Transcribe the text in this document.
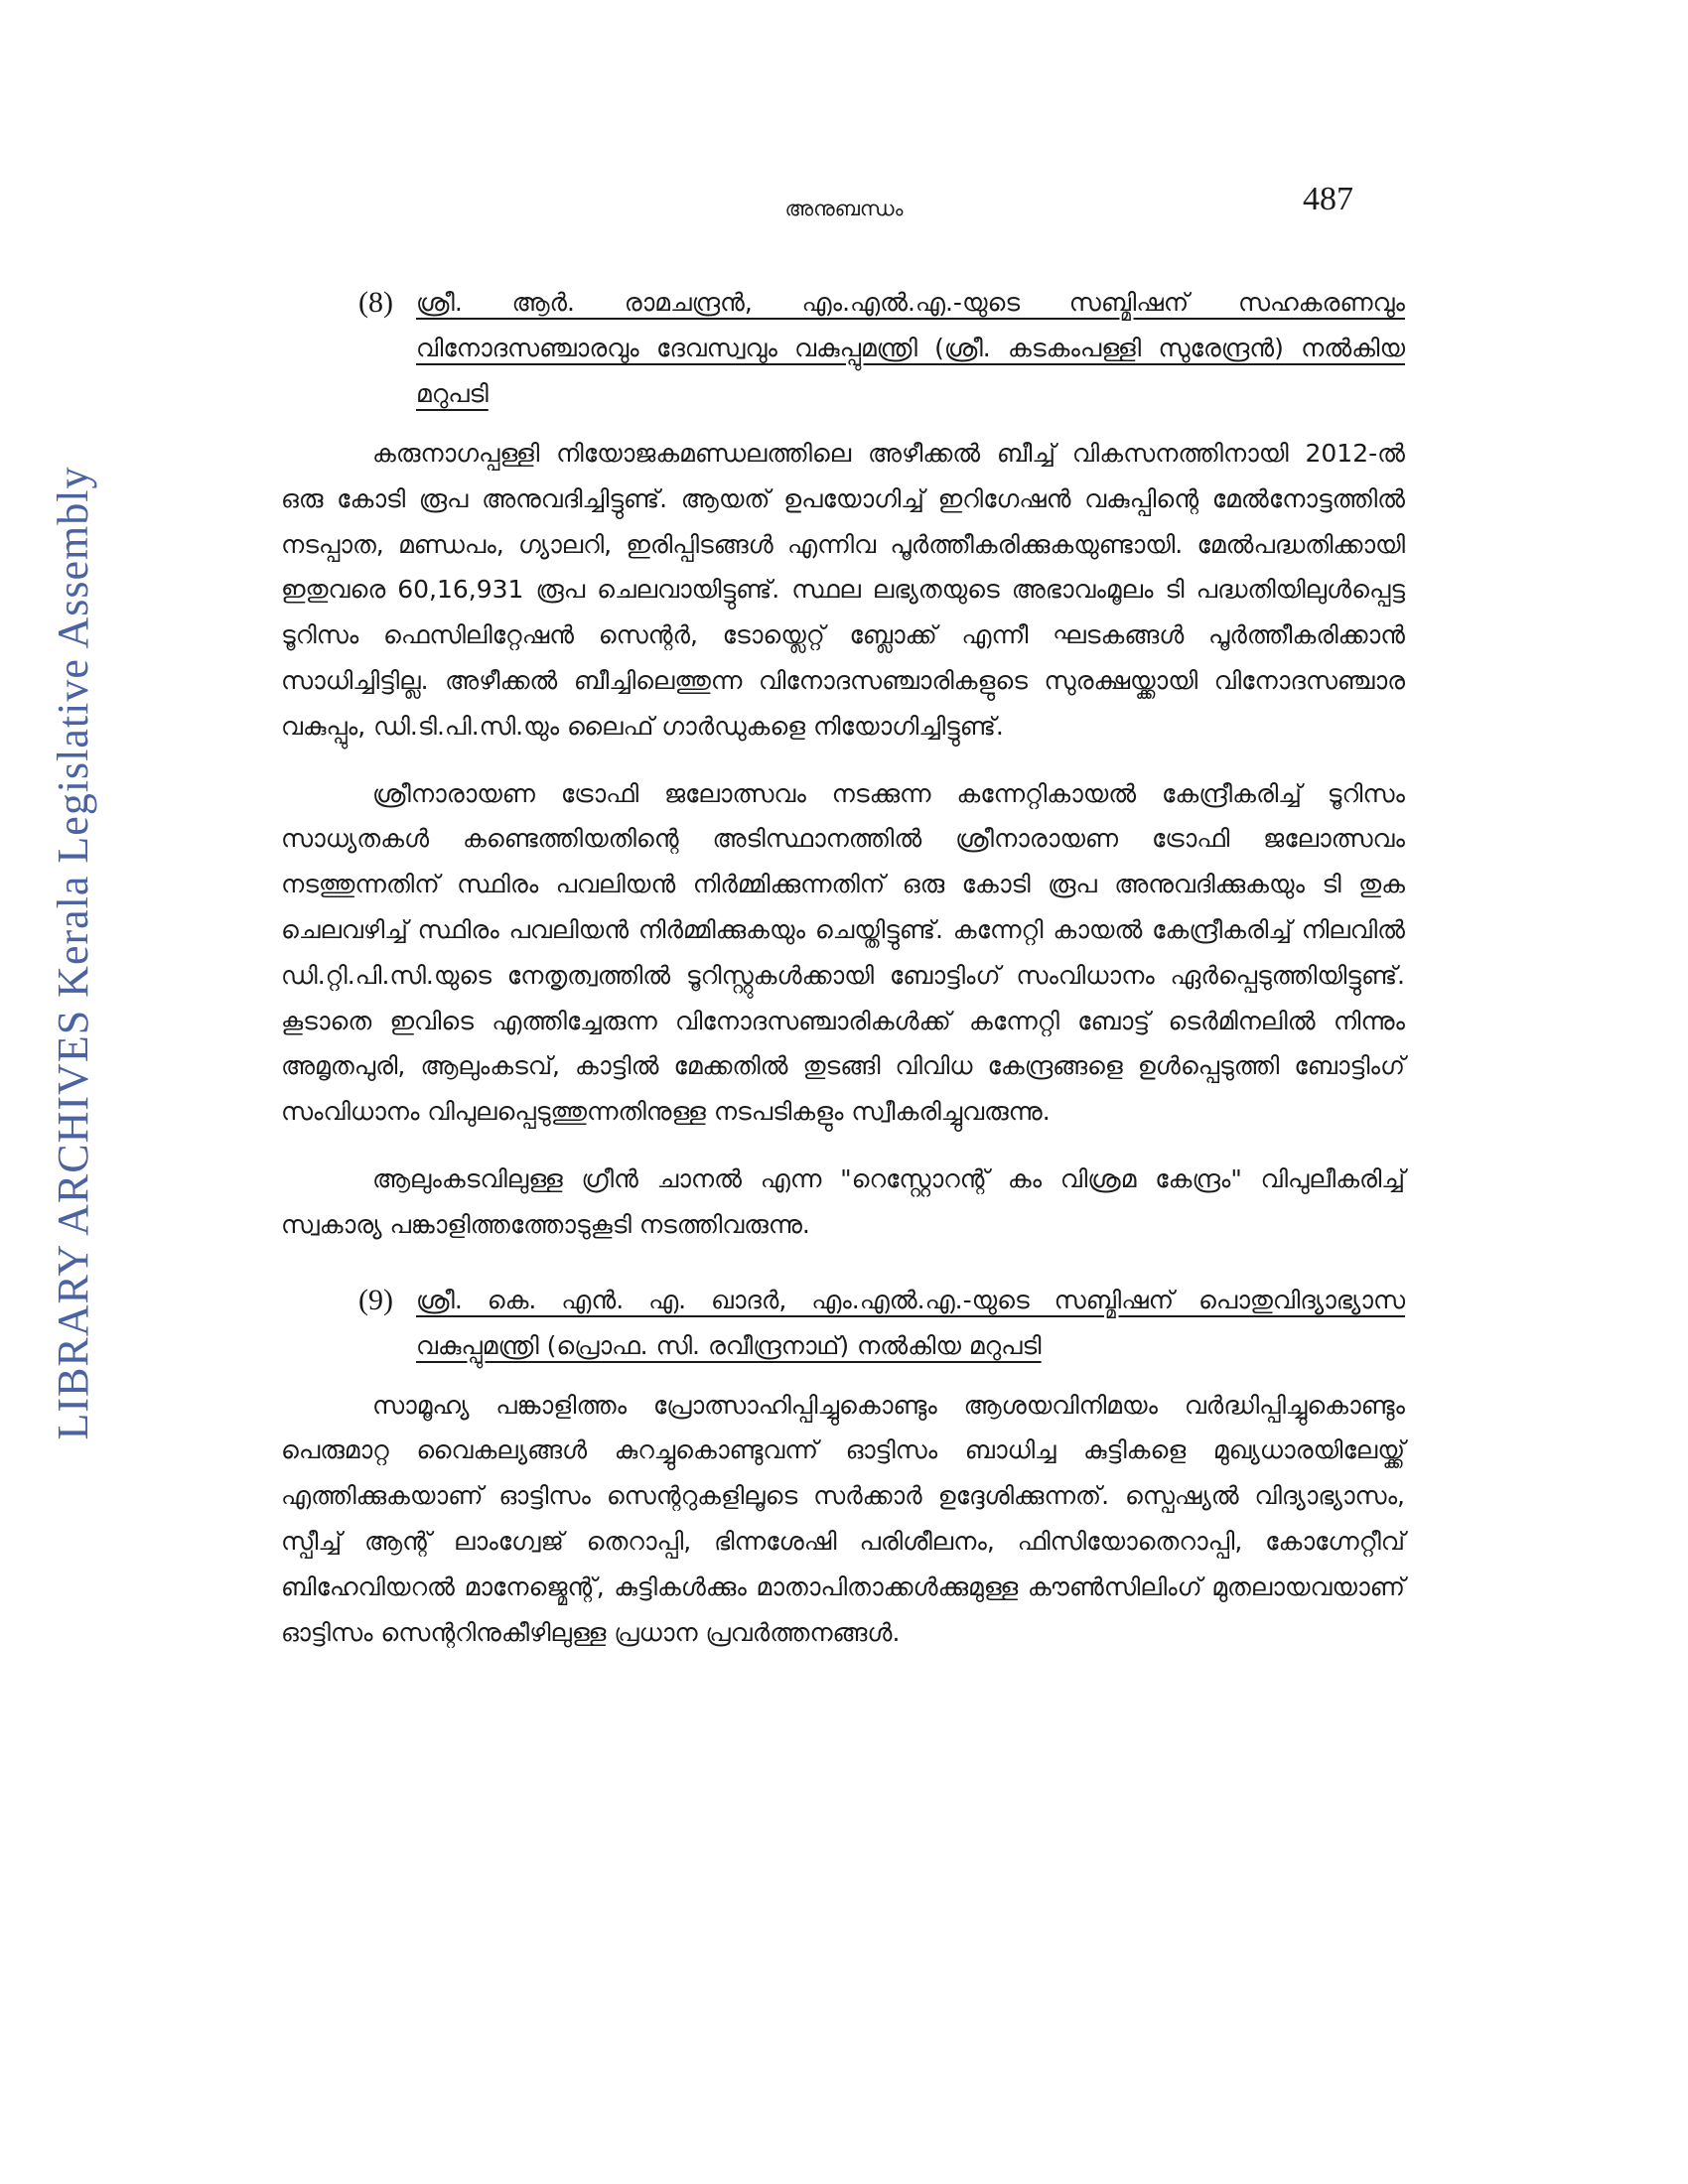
LIBRARY ARCHIVES Kerala Legislative Assembly
അനുബന്ധം	487
(8) ശ്രീ. ആർ. രാമചന്ദ്രൻ, എം.എൽ.എ.-യുടെ സബ്മിഷന് സഹകരണവും വിനോദസഞ്ചാരവും ദേവസ്വവും വകുപ്പുമന്ത്രി (ശ്രീ. കടകംപള്ളി സുരേന്ദ്രൻ) നൽകിയ മറുപടി

കരുനാഗപ്പള്ളി നിയോജകമണ്ഡലത്തിലെ അഴീക്കൽ ബീച്ച് വികസനത്തിനായി 2012-ൽ ഒരു കോടി രൂപ അനുവദിച്ചിട്ടുണ്ട്. ആയത് ഉപയോഗിച്ച് ഇറിഗേഷൻ വകുപ്പിന്റെ മേൽനോട്ടത്തിൽ നടപ്പാത, മണ്ഡപം, ഗ്യാലറി, ഇരിപ്പിടങ്ങൾ എന്നിവ പൂർത്തീകരിക്കുകയുണ്ടായി. മേൽപദ്ധതിക്കായി ഇതുവരെ 60,16,931 രൂപ ചെലവായിട്ടുണ്ട്. സ്ഥല ലഭ്യതയുടെ അഭാവംമൂലം ടി പദ്ധതിയിലുൾപ്പെട്ട ടൂറിസം ഫെസിലിറ്റേഷൻ സെന്റർ, ടോയ്ലെറ്റ് ബ്ലോക്ക് എന്നീ ഘടകങ്ങൾ പൂർത്തീകരിക്കാൻ സാധിച്ചിട്ടില്ല. അഴീക്കൽ ബീച്ചിലെത്തുന്ന വിനോദസഞ്ചാരികളുടെ സുരക്ഷയ്ക്കായി വിനോദസഞ്ചാര വകുപ്പും, ഡി.ടി.പി.സി.യും ലൈഫ് ഗാർഡുകളെ നിയോഗിച്ചിട്ടുണ്ട്.

ശ്രീനാരായണ ട്രോഫി ജലോത്സവം നടക്കുന്ന കന്നേറ്റികായൽ കേന്ദ്രീകരിച്ച് ടൂറിസം സാധ്യതകൾ കണ്ടെത്തിയതിന്റെ അടിസ്ഥാനത്തിൽ ശ്രീനാരായണ ട്രോഫി ജലോത്സവം നടത്തുന്നതിന് സ്ഥിരം പവലിയൻ നിർമ്മിക്കുന്നതിന് ഒരു കോടി രൂപ അനുവദിക്കുകയും ടി തുക ചെലവഴിച്ച് സ്ഥിരം പവലിയൻ നിർമ്മിക്കുകയും ചെയ്തിട്ടുണ്ട്. കന്നേറ്റി കായൽ കേന്ദ്രീകരിച്ച് നിലവിൽ ഡി.റ്റി.പി.സി.യുടെ നേതൃത്വത്തിൽ ടൂറിസ്റ്റുകൾക്കായി ബോട്ടിംഗ് സംവിധാനം ഏർപ്പെടുത്തിയിട്ടുണ്ട്. കൂടാതെ ഇവിടെ എത്തിച്ചേരുന്ന വിനോദസഞ്ചാരികൾക്ക് കന്നേറ്റി ബോട്ട് ടെർമിനലിൽ നിന്നും അമൃതപുരി, ആലുംകടവ്, കാട്ടിൽ മേക്കതിൽ തുടങ്ങി വിവിധ കേന്ദ്രങ്ങളെ ഉൾപ്പെടുത്തി ബോട്ടിംഗ് സംവിധാനം വിപുലപ്പെടുത്തുന്നതിനുള്ള നടപടികളും സ്വീകരിച്ചുവരുന്നു.

ആലുംകടവിലുള്ള ഗ്രീൻ ചാനൽ എന്ന "റെസ്റ്റോറന്റ് കം വിശ്രമ കേന്ദ്രം" വിപുലീകരിച്ച് സ്വകാര്യ പങ്കാളിത്തത്തോടുകൂടി നടത്തിവരുന്നു.

(9) ശ്രീ. കെ. എൻ. എ. ഖാദർ, എം.എൽ.എ.-യുടെ സബ്മിഷന് പൊതുവിദ്യാഭ്യാസ വകുപ്പുമന്ത്രി (പ്രൊഫ. സി. രവീന്ദ്രനാഥ്) നൽകിയ മറുപടി

സാമൂഹ്യ പങ്കാളിത്തം പ്രോത്സാഹിപ്പിച്ചുകൊണ്ടും ആശയവിനിമയം വർദ്ധിപ്പിച്ചുകൊണ്ടും പെരുമാറ്റ വൈകല്യങ്ങൾ കുറച്ചുകൊണ്ടുവന്ന് ഓട്ടിസം ബാധിച്ച കുട്ടികളെ മുഖ്യധാരയിലേയ്ക്ക് എത്തിക്കുകയാണ് ഓട്ടിസം സെന്ററുകളിലൂടെ സർക്കാർ ഉദ്ദേശിക്കുന്നത്. സ്പെഷ്യൽ വിദ്യാഭ്യാസം, സ്പീച്ച് ആന്റ് ലാംഗ്വേജ് തെറാപ്പി, ഭിന്നശേഷി പരിശീലനം, ഫിസിയോതെറാപ്പി, കോഗ്നേറ്റീവ് ബിഹേവിയറൽ മാനേജ്മെന്റ്, കുട്ടികൾക്കും മാതാപിതാക്കൾക്കുമുള്ള കൗൺസിലിംഗ് മുതലായവയാണ് ഓട്ടിസം സെന്ററിനുകീഴിലുള്ള പ്രധാന പ്രവർത്തനങ്ങൾ.
